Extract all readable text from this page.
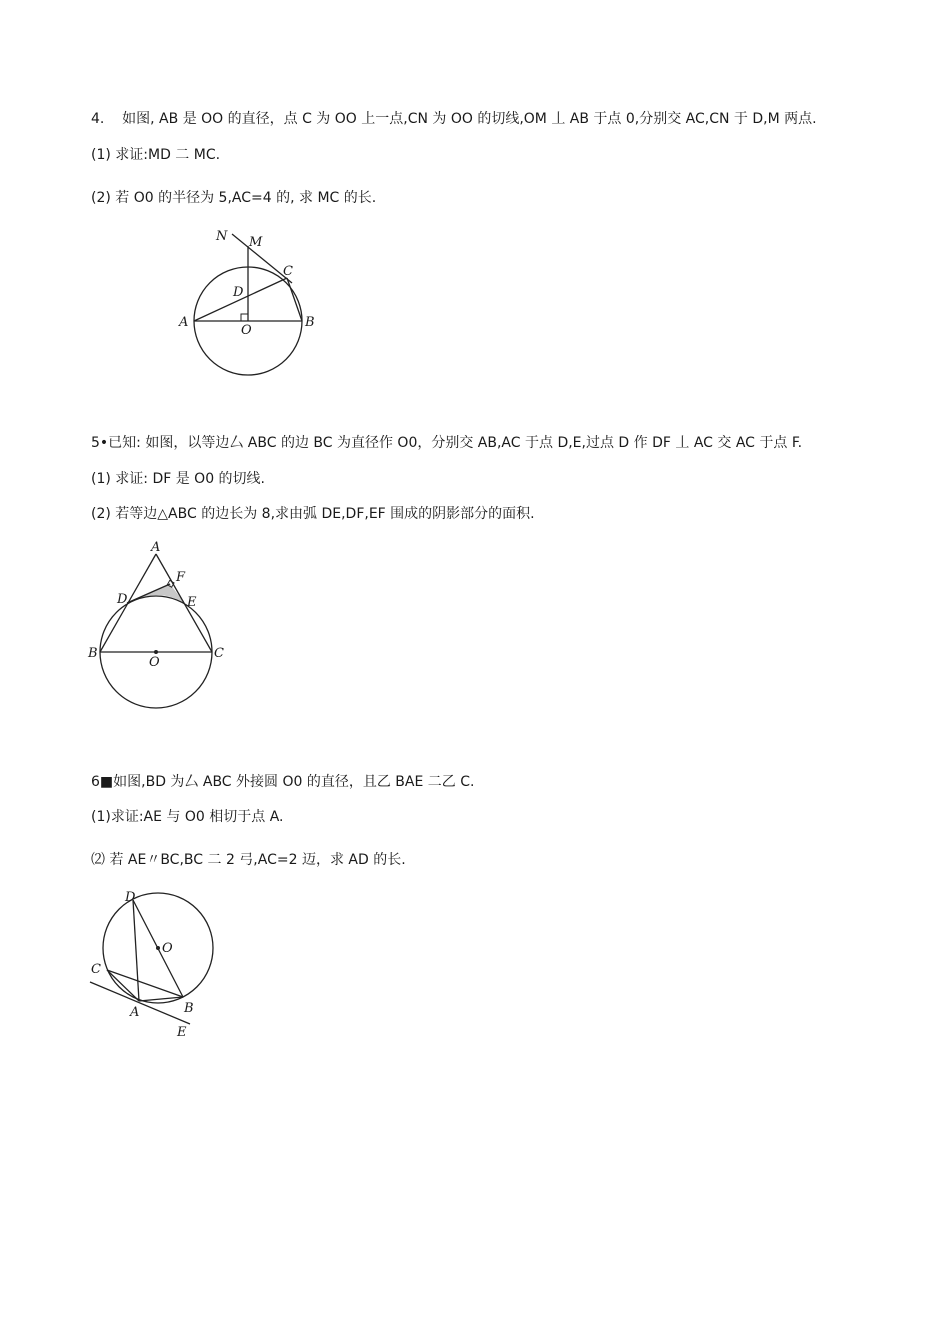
4.    如图, AB 是 OO 的直径，点 C 为 OO 上一点,CN 为 OO 的切线,OM 丄 AB 于点 0,分别交 AC,CN 于 D,M 两点.
(1) 求证:MD 二 MC.
(2) 若 O0 的半径为 5,AC=4 的, 求 MC 的长.
N M
C
D
A
O
B
5•已知: 如图，以等边厶 ABC 的边 BC 为直径作 O0，分别交 AB,AC 于点 D,E,过点 D 作 DF 丄 AC 交 AC 于点 F.
(1) 求证: DF 是 O0 的切线.
(2) 若等边△ABC 的边长为 8,求由弧 DE,DF,EF 围成的阴影部分的面积.
A
F
D	E
B
O
C
6■如图,BD 为厶 ABC 外接圆 O0 的直径，且乙 BAE 二乙 C.
(1)求证:AE 与 O0 相切于点 A.
⑵ 若 AE〃BC,BC 二 2 弓,AC=2 迈，求 AD 的长.
D
O
C
B
A
E
